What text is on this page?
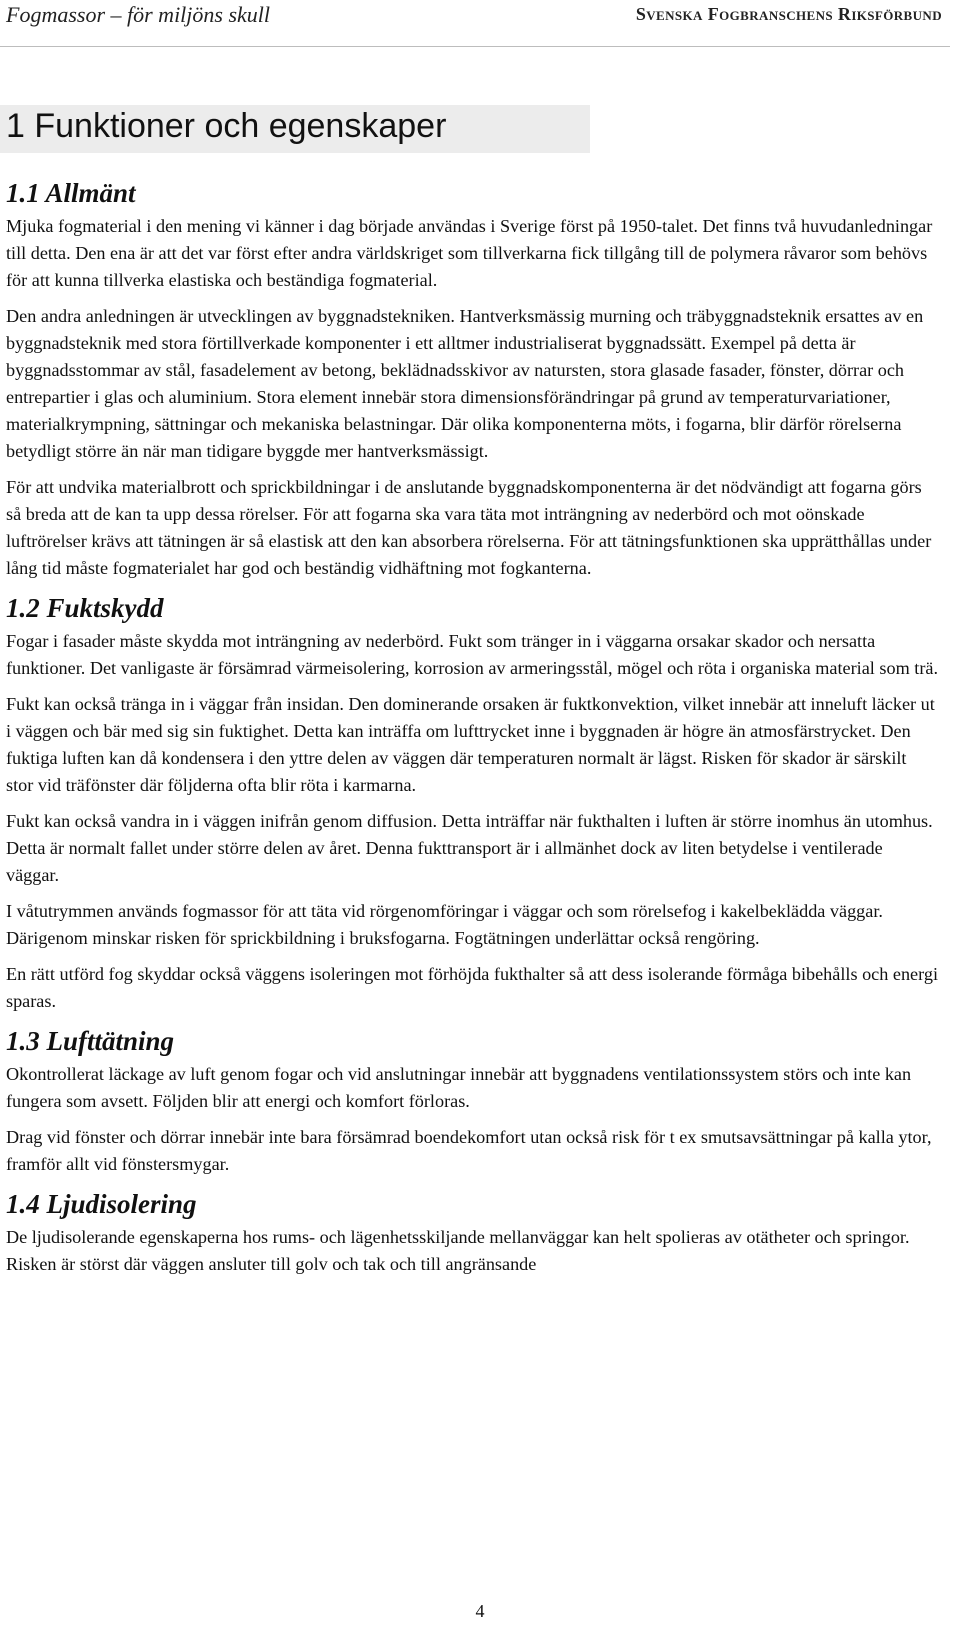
Fogmassor – för miljöns skull	Svenska Fogbranschens Riksförbund
1 Funktioner och egenskaper
1.1 Allmänt

Mjuka fogmaterial i den mening vi känner i dag började användas i Sverige först på 1950-talet. Det finns två huvudanledningar till detta. Den ena är att det var först efter andra världskriget som tillverkarna fick tillgång till de polymera råvaror som behövs för att kunna tillverka elastiska och beständiga fogmaterial.

Den andra anledningen är utvecklingen av byggnadstekniken. Hantverksmässig murning och träbyggnadsteknik ersattes av en byggnadsteknik med stora förtillverkade komponenter i ett alltmer industrialiserat byggnadssätt. Exempel på detta är byggnadsstommar av stål, fasadelement av betong, beklädnadsskivor av natursten, stora glasade fasader, fönster, dörrar och entrepartier i glas och aluminium. Stora element innebär stora dimensionsförändringar på grund av temperaturvariationer, materialkrympning, sättningar och mekaniska belastningar. Där olika komponenterna möts, i fogarna, blir därför rörelserna betydligt större än när man tidigare byggde mer hantverksmässigt.

För att undvika materialbrott och sprickbildningar i de anslutande byggnadskomponenterna är det nödvändigt att fogarna görs så breda att de kan ta upp dessa rörelser. För att fogarna ska vara täta mot inträngning av nederbörd och mot oönskade luftrörelser krävs att tätningen är så elastisk att den kan absorbera rörelserna. För att tätningsfunktionen ska upprätthållas under lång tid måste fogmaterialet har god och beständig vidhäftning mot fogkanterna.

1.2 Fuktskydd

Fogar i fasader måste skydda mot inträngning av nederbörd. Fukt som tränger in i väggarna orsakar skador och nersatta funktioner. Det vanligaste är försämrad värmeisolering, korrosion av armeringsstål, mögel och röta i organiska material som trä.

Fukt kan också tränga in i väggar från insidan. Den dominerande orsaken är fuktkonvektion, vilket innebär att inneluft läcker ut i väggen och bär med sig sin fuktighet. Detta kan inträffa om lufttrycket inne i byggnaden är högre än atmosfärstrycket. Den fuktiga luften kan då kondensera i den yttre delen av väggen där temperaturen normalt är lägst. Risken för skador är särskilt stor vid träfönster där följderna ofta blir röta i karmarna.

Fukt kan också vandra in i väggen inifrån genom diffusion. Detta inträffar när fukthalten i luften är större inomhus än utomhus. Detta är normalt fallet under större delen av året. Denna fukttransport är i allmänhet dock av liten betydelse i ventilerade väggar.

I våtutrymmen används fogmassor för att täta vid rörgenomföringar i väggar och som rörelsefog i kakelbeklädda väggar. Därigenom minskar risken för sprickbildning i bruksfogarna. Fogtätningen underlättar också rengöring.

En rätt utförd fog skyddar också väggens isoleringen mot förhöjda fukthalter så att dess isolerande förmåga bibehålls och energi sparas.

1.3 Lufttätning

Okontrollerat läckage av luft genom fogar och vid anslutningar innebär att byggnadens ventilationssystem störs och inte kan fungera som avsett. Följden blir att energi och komfort förloras.

Drag vid fönster och dörrar innebär inte bara försämrad boendekomfort utan också risk för t ex smutsavsättningar på kalla ytor, framför allt vid fönstersmygar.

1.4 Ljudisolering

De ljudisolerande egenskaperna hos rums- och lägenhetsskiljande mellanväggar kan helt spolieras av otätheter och springor. Risken är störst där väggen ansluter till golv och tak och till angränsande

4
